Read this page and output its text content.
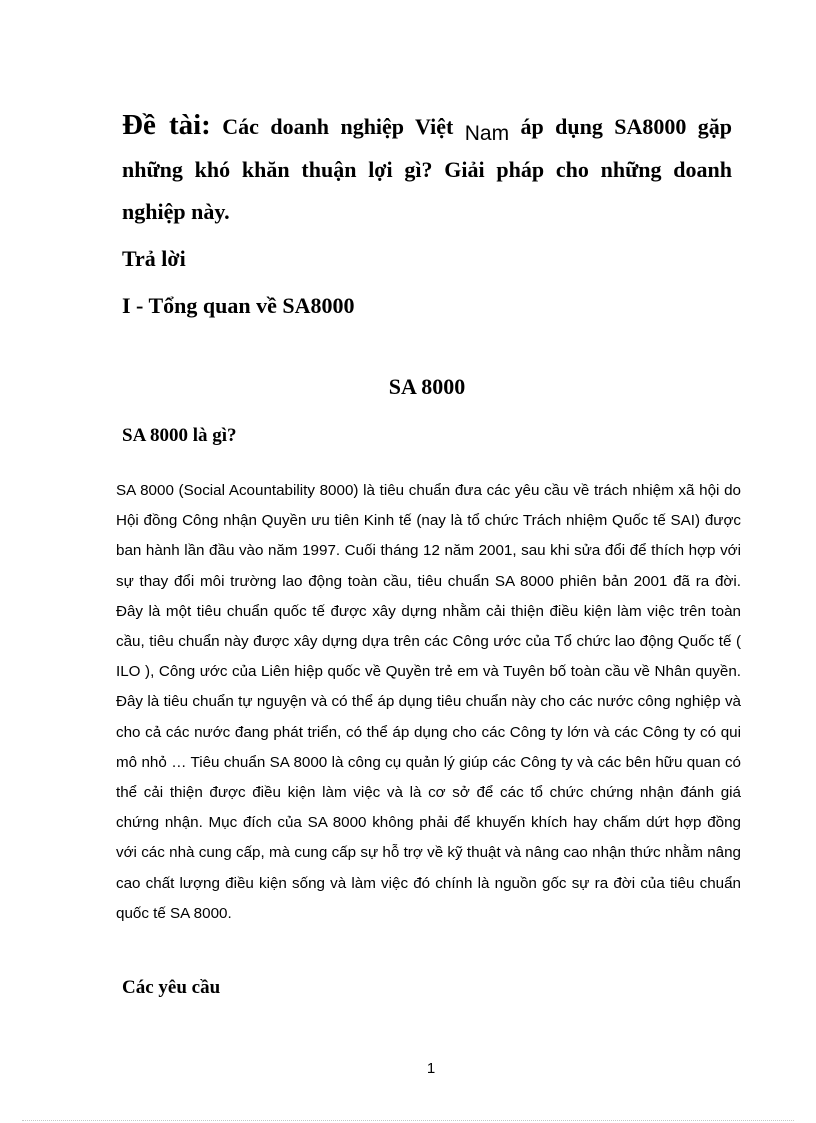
Đề tài: Các doanh nghiệp Việt Nam áp dụng SA8000 gặp những khó khăn thuận lợi gì? Giải pháp cho những doanh nghiệp này.
Trả lời
I - Tổng quan về SA8000
SA 8000
SA 8000 là gì?

SA 8000 (Social Acountability 8000) là tiêu chuẩn đưa các yêu cầu về trách nhiệm xã hội do Hội đồng Công nhận Quyền ưu tiên Kinh tế (nay là tổ chức Trách nhiệm Quốc tế SAI) được ban hành lần đầu vào năm 1997. Cuối tháng 12 năm 2001, sau khi sửa đổi để thích hợp với sự thay đổi môi trường lao động toàn cầu, tiêu chuẩn SA 8000 phiên bản 2001 đã ra đời. Đây là một tiêu chuẩn quốc tế được xây dựng nhằm cải thiện điều kiện làm việc trên toàn cầu, tiêu chuẩn này được xây dựng dựa trên các Công ước của Tổ chức lao động Quốc tế ( ILO ), Công ước của Liên hiệp quốc về Quyền trẻ em và Tuyên bố toàn cầu về Nhân quyền. Đây là tiêu chuẩn tự nguyện và có thể áp dụng tiêu chuẩn này cho các nước công nghiệp và cho cả các nước đang phát triển, có thể áp dụng cho các Công ty lớn và các Công ty có qui mô nhỏ … Tiêu chuẩn SA 8000 là công cụ quản lý giúp các Công ty và các bên hữu quan có thể cải thiện được điều kiện làm việc và là cơ sở để các tổ chức chứng nhận đánh giá chứng nhận. Mục đích của SA 8000 không phải để khuyến khích hay chấm dứt hợp đồng với các nhà cung cấp, mà cung cấp sự hỗ trợ về kỹ thuật và nâng cao nhận thức nhằm nâng cao chất lượng điều kiện sống và làm việc đó chính là nguồn gốc sự ra đời của tiêu chuẩn quốc tế SA 8000.

Các yêu cầu
1
